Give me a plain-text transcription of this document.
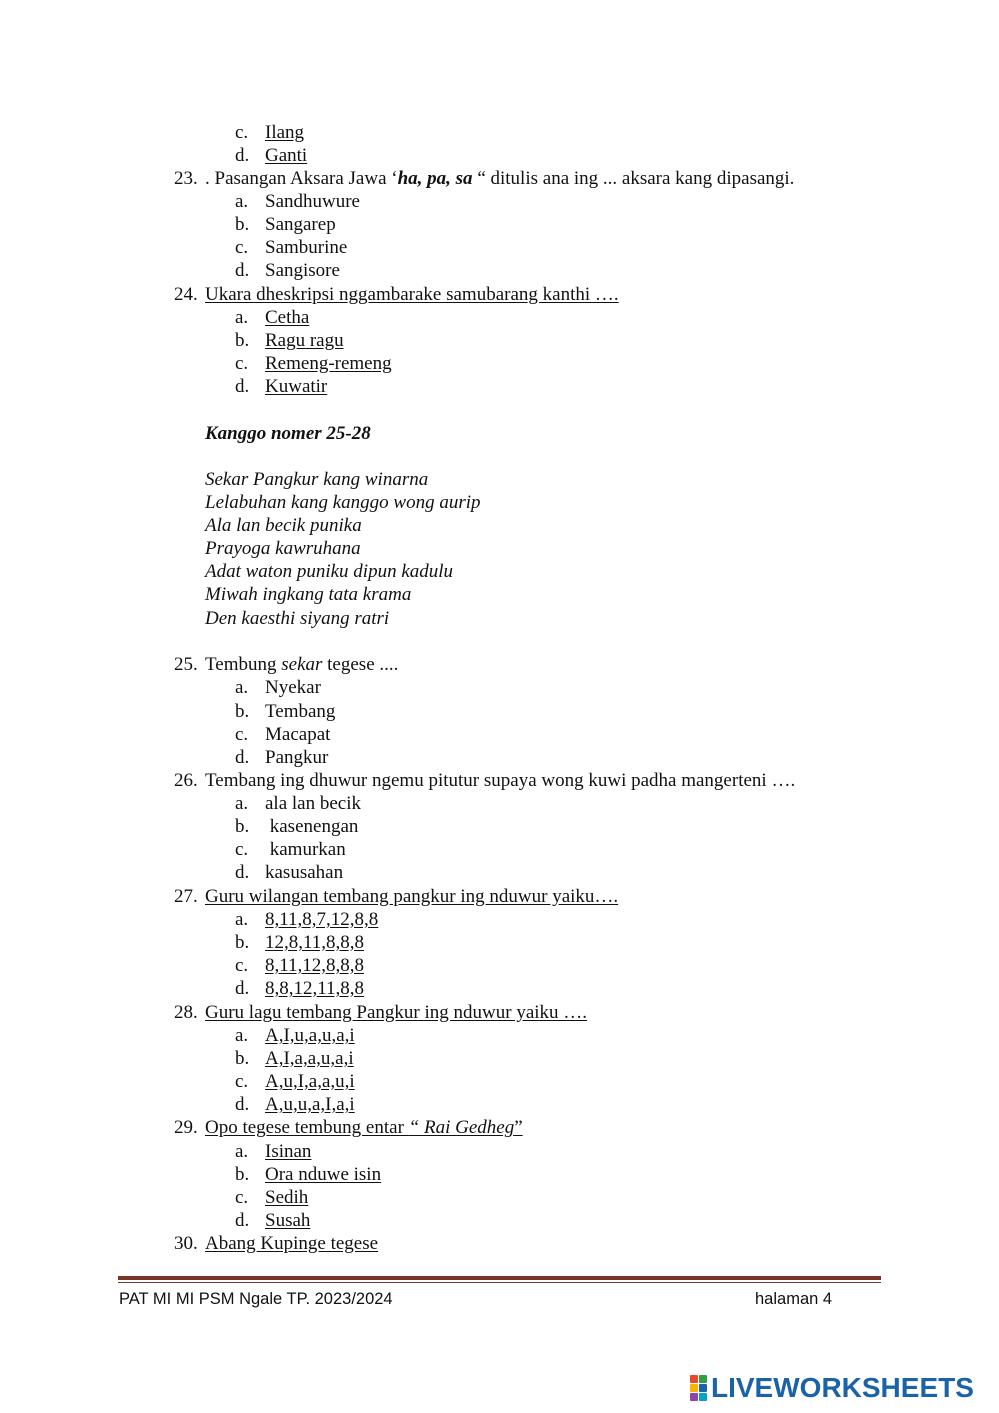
c. Ilang
d. Ganti
23. . Pasangan Aksara Jawa ‘ha, pa, sa “ ditulis ana ing ... aksara kang dipasangi.
a. Sandhuwure
b. Sangarep
c. Samburine
d. Sangisore
24. Ukara dheskripsi nggambarake samubarang kanthi ….
a. Cetha
b. Ragu ragu
c. Remeng-remeng
d. Kuwatir
Kanggo nomer 25-28
Sekar Pangkur kang winarna
Lelabuhan kang kanggo wong aurip
Ala lan becik punika
Prayoga kawruhana
Adat waton puniku dipun kadulu
Miwah ingkang tata krama
Den kaesthi siyang ratri
25. Tembung sekar tegese ....
a. Nyekar
b. Tembang
c. Macapat
d. Pangkur
26. Tembang ing dhuwur ngemu pitutur supaya wong kuwi padha mangerteni ….
a. ala lan becik
b. kasenengan
c. kamurkan
d. kasusahan
27. Guru wilangan tembang pangkur ing nduwur yaiku….
a. 8,11,8,7,12,8,8
b. 12,8,11,8,8,8
c. 8,11,12,8,8,8
d. 8,8,12,11,8,8
28. Guru lagu tembang Pangkur ing nduwur yaiku ….
a. A,I,u,a,u,a,i
b. A,I,a,a,u,a,i
c. A,u,I,a,a,u,i
d. A,u,u,a,I,a,i
29. Opo tegese tembung entar “ Rai Gedheg”
a. Isinan
b. Ora nduwe isin
c. Sedih
d. Susah
30. Abang Kupinge tegese
PAT MI MI PSM Ngale TP. 2023/2024	halaman 4
LIVEWORKSHEETS
